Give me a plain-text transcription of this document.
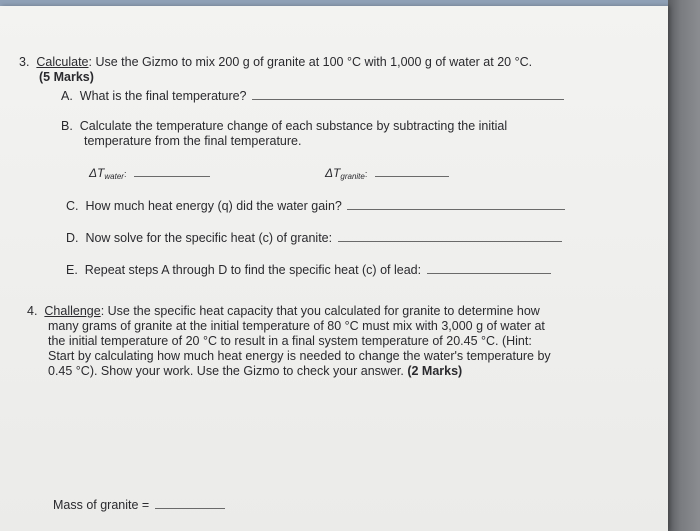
3. Calculate: Use the Gizmo to mix 200 g of granite at 100 °C with 1,000 g of water at 20 °C.
(5 Marks)
A. What is the final temperature?
B. Calculate the temperature change of each substance by subtracting the initial
temperature from the final temperature.
$\Delta T_{water}$:	$\Delta T_{granite}$:
C. How much heat energy (q) did the water gain?
D. Now solve for the specific heat (c) of granite:
E. Repeat steps A through D to find the specific heat (c) of lead:
4. Challenge: Use the specific heat capacity that you calculated for granite to determine how
many grams of granite at the initial temperature of 80 °C must mix with 3,000 g of water at
the initial temperature of 20 °C to result in a final system temperature of 20.45 °C. (Hint:
Start by calculating how much heat energy is needed to change the water's temperature by
0.45 °C). Show your work. Use the Gizmo to check your answer. (2 Marks)
Mass of granite =
